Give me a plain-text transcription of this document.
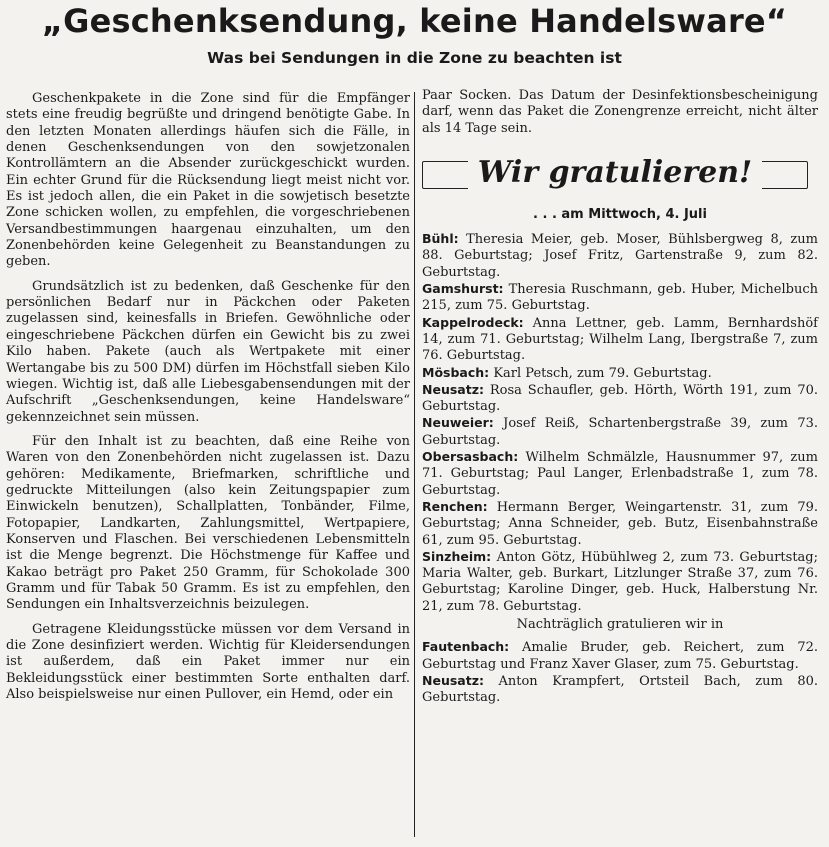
„Geschenksendung, keine Handelsware“
Was bei Sendungen in die Zone zu beachten ist

Geschenkpakete in die Zone sind für die Empfänger stets eine freudig begrüßte und dringend benötigte Gabe. In den letzten Monaten allerdings häufen sich die Fälle, in denen Geschenksendungen von den sowjetzonalen Kontrollämtern an die Absender zurückgeschickt wurden. Ein echter Grund für die Rücksendung liegt meist nicht vor. Es ist jedoch allen, die ein Paket in die sowjetisch besetzte Zone schicken wollen, zu empfehlen, die vorgeschriebenen Versandbestimmungen haargenau einzuhalten, um den Zonenbehörden keine Gelegenheit zu Beanstandungen zu geben.

Grundsätzlich ist zu bedenken, daß Geschenke für den persönlichen Bedarf nur in Päckchen oder Paketen zugelassen sind, keinesfalls in Briefen. Gewöhnliche oder eingeschriebene Päckchen dürfen ein Gewicht bis zu zwei Kilo haben. Pakete (auch als Wertpakete mit einer Wertangabe bis zu 500 DM) dürfen im Höchstfall sieben Kilo wiegen. Wichtig ist, daß alle Liebesgabensendungen mit der Aufschrift „Geschenksendungen, keine Handelsware“ gekennzeichnet sein müssen.

Für den Inhalt ist zu beachten, daß eine Reihe von Waren von den Zonenbehörden nicht zugelassen ist. Dazu gehören: Medikamente, Briefmarken, schriftliche und gedruckte Mitteilungen (also kein Zeitungspapier zum Einwickeln benutzen), Schallplatten, Tonbänder, Filme, Fotopapier, Landkarten, Zahlungsmittel, Wertpapiere, Konserven und Flaschen. Bei verschiedenen Lebensmitteln ist die Menge begrenzt. Die Höchstmenge für Kaffee und Kakao beträgt pro Paket 250 Gramm, für Schokolade 300 Gramm und für Tabak 50 Gramm. Es ist zu empfehlen, den Sendungen ein Inhaltsverzeichnis beizulegen.

Getragene Kleidungsstücke müssen vor dem Versand in die Zone desinfiziert werden. Wichtig für Kleidersendungen ist außerdem, daß ein Paket immer nur ein Bekleidungsstück einer bestimmten Sorte enthalten darf. Also beispielsweise nur einen Pullover, ein Hemd, oder ein

Paar Socken. Das Datum der Desinfektionsbescheinigung darf, wenn das Paket die Zonengrenze erreicht, nicht älter als 14 Tage sein.

Wir gratulieren!
. . . am Mittwoch, 4. Juli

Bühl: Theresia Meier, geb. Moser, Bühlsbergweg 8, zum 88. Geburtstag; Josef Fritz, Gartenstraße 9, zum 82. Geburtstag.

Gamshurst: Theresia Ruschmann, geb. Huber, Michelbuch 215, zum 75. Geburtstag.

Kappelrodeck: Anna Lettner, geb. Lamm, Bernhardshöf 14, zum 71. Geburtstag; Wilhelm Lang, Ibergstraße 7, zum 76. Geburtstag.

Mösbach: Karl Petsch, zum 79. Geburtstag.

Neusatz: Rosa Schaufler, geb. Hörth, Wörth 191, zum 70. Geburtstag.

Neuweier: Josef Reiß, Schartenbergstraße 39, zum 73. Geburtstag.

Obersasbach: Wilhelm Schmälzle, Hausnummer 97, zum 71. Geburtstag; Paul Langer, Erlenbadstraße 1, zum 78. Geburtstag.

Renchen: Hermann Berger, Weingartenstr. 31, zum 79. Geburtstag; Anna Schneider, geb. Butz, Eisenbahnstraße 61, zum 95. Geburtstag.

Sinzheim: Anton Götz, Hübühlweg 2, zum 73. Geburtstag; Maria Walter, geb. Burkart, Litzlunger Straße 37, zum 76. Geburtstag; Karoline Dinger, geb. Huck, Halberstung Nr. 21, zum 78. Geburtstag.

Nachträglich gratulieren wir in

Fautenbach: Amalie Bruder, geb. Reichert, zum 72. Geburtstag und Franz Xaver Glaser, zum 75. Geburtstag.

Neusatz: Anton Krampfert, Ortsteil Bach, zum 80. Geburtstag.
